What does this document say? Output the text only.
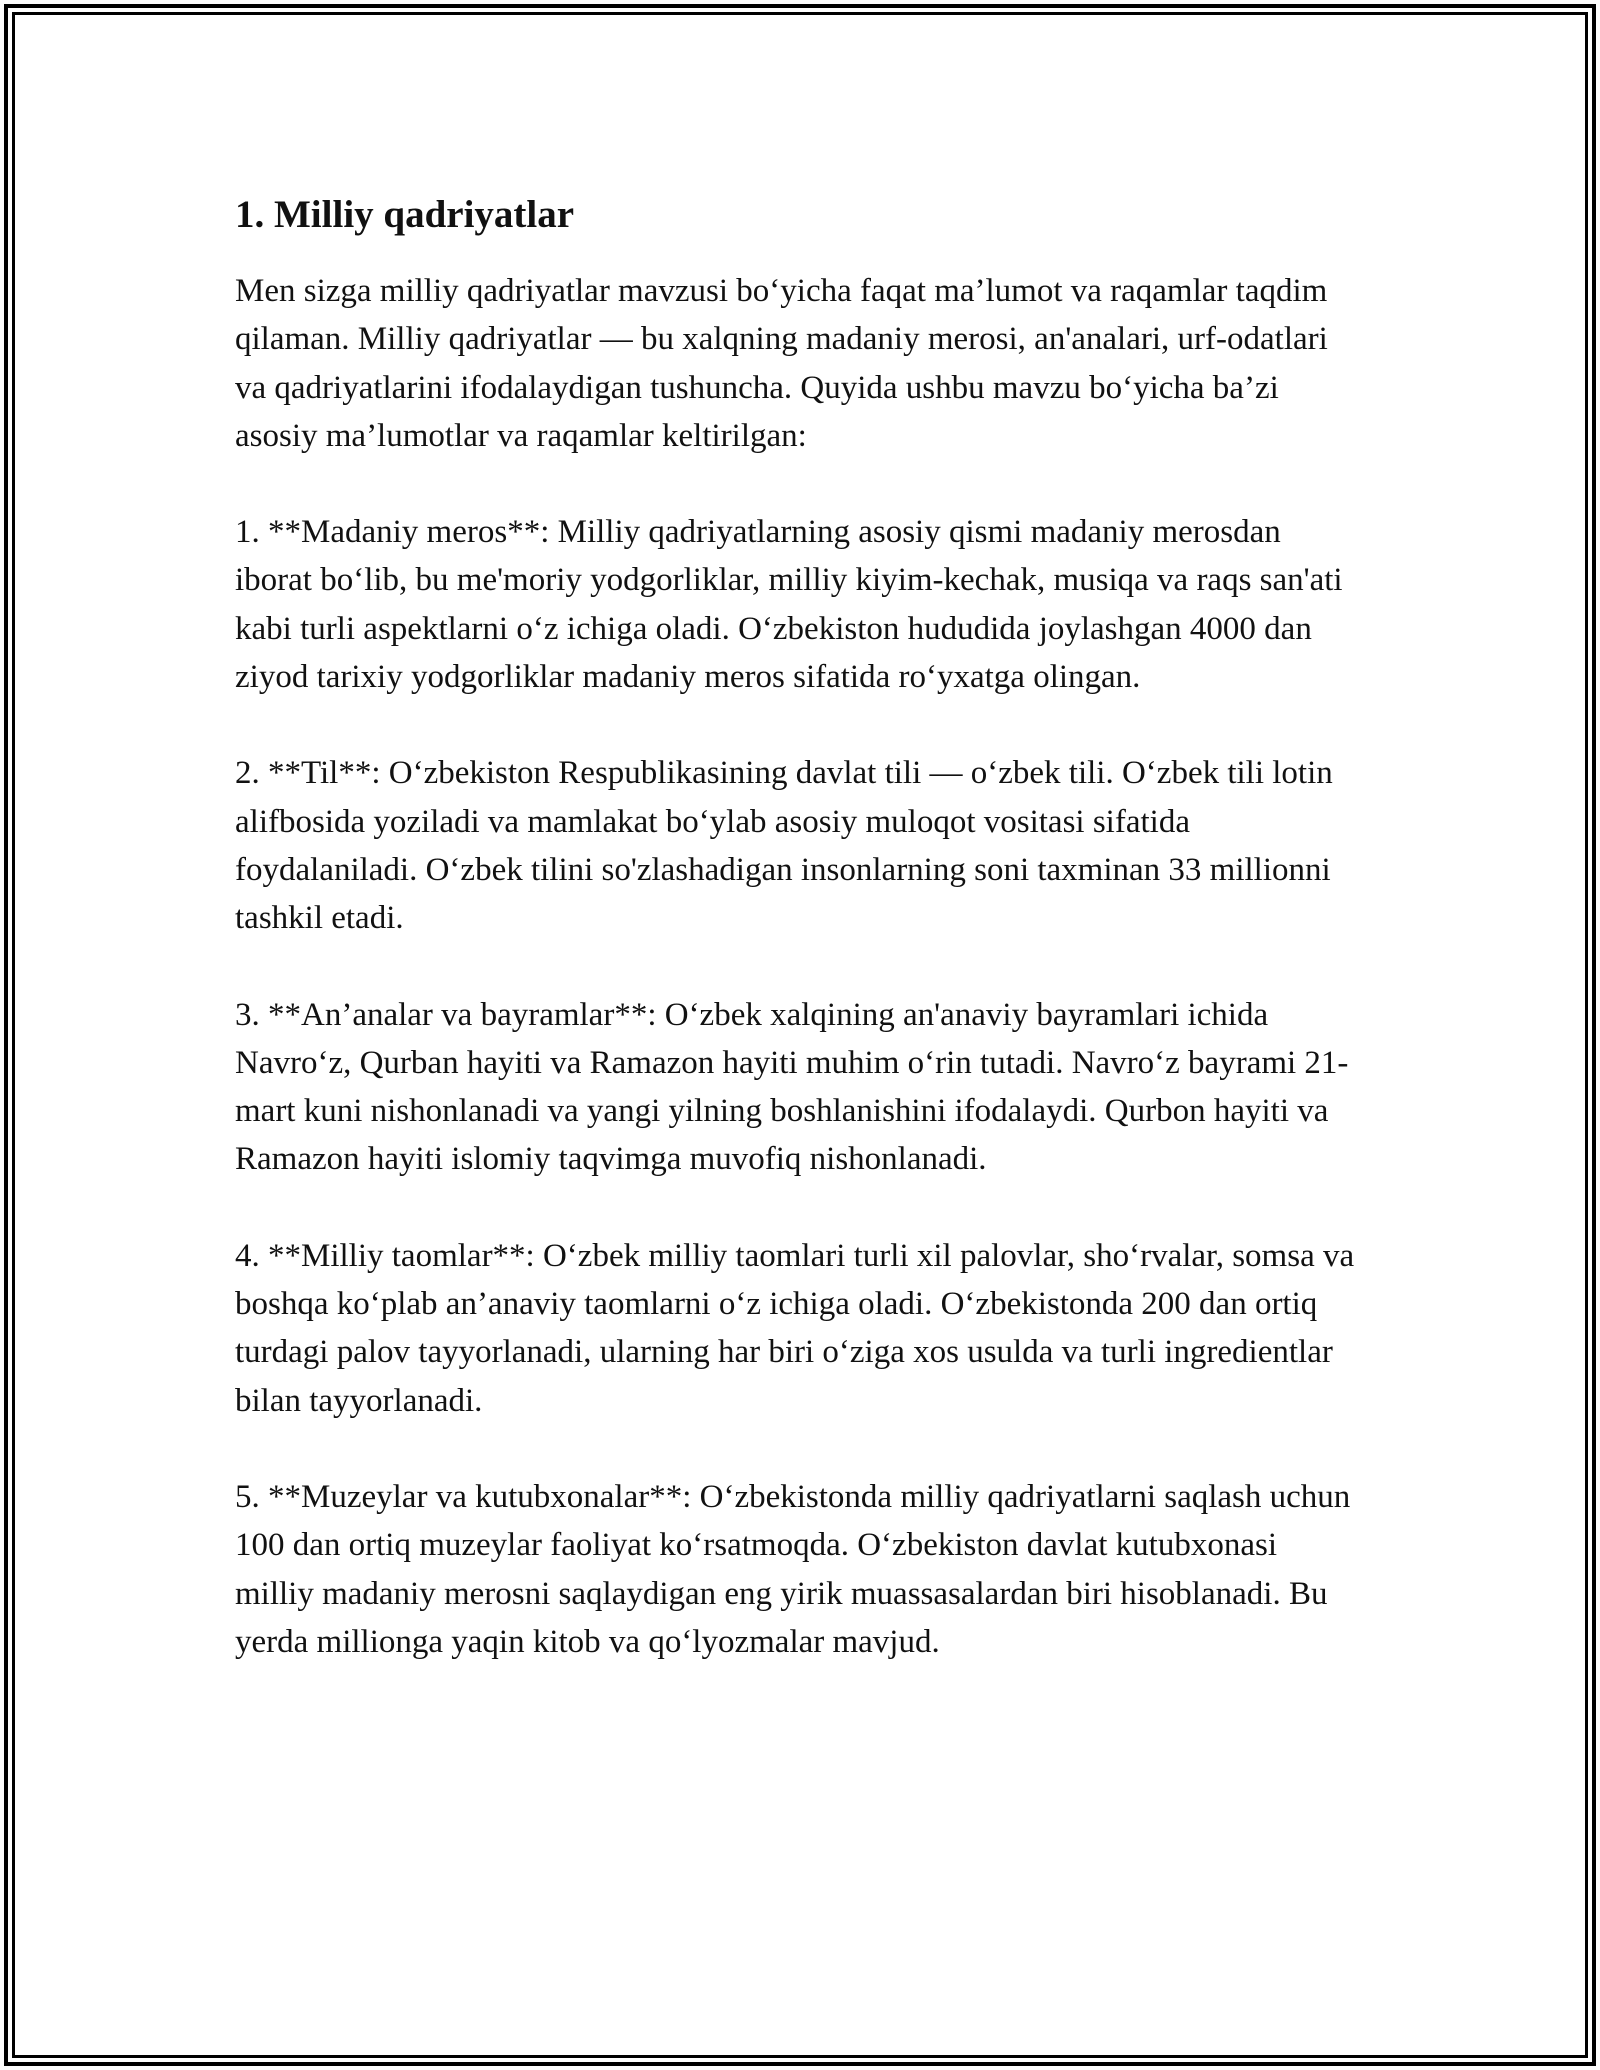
1. Milliy qadriyatlar

Men sizga milliy qadriyatlar mavzusi bo‘yicha faqat ma’lumot va raqamlar taqdim qilaman. Milliy qadriyatlar — bu xalqning madaniy merosi, an'analari, urf-odatlari va qadriyatlarini ifodalaydigan tushuncha. Quyida ushbu mavzu bo‘yicha ba’zi asosiy ma’lumotlar va raqamlar keltirilgan:

1. **Madaniy meros**: Milliy qadriyatlarning asosiy qismi madaniy merosdan iborat bo‘lib, bu me'moriy yodgorliklar, milliy kiyim-kechak, musiqa va raqs san'ati kabi turli aspektlarni o‘z ichiga oladi. O‘zbekiston hududida joylashgan 4000 dan ziyod tarixiy yodgorliklar madaniy meros sifatida ro‘yxatga olingan.

2. **Til**: O‘zbekiston Respublikasining davlat tili — o‘zbek tili. O‘zbek tili lotin alifbosida yoziladi va mamlakat bo‘ylab asosiy muloqot vositasi sifatida foydalaniladi. O‘zbek tilini so'zlashadigan insonlarning soni taxminan 33 millionni tashkil etadi.

3. **An’analar va bayramlar**: O‘zbek xalqining an'anaviy bayramlari ichida Navro‘z, Qurban hayiti va Ramazon hayiti muhim o‘rin tutadi. Navro‘z bayrami 21-mart kuni nishonlanadi va yangi yilning boshlanishini ifodalaydi. Qurbon hayiti va Ramazon hayiti islomiy taqvimga muvofiq nishonlanadi.

4. **Milliy taomlar**: O‘zbek milliy taomlari turli xil palovlar, sho‘rvalar, somsa va boshqa ko‘plab an’anaviy taomlarni o‘z ichiga oladi. O‘zbekistonda 200 dan ortiq turdagi palov tayyorlanadi, ularning har biri o‘ziga xos usulda va turli ingredientlar bilan tayyorlanadi.

5. **Muzeylar va kutubxonalar**: O‘zbekistonda milliy qadriyatlarni saqlash uchun 100 dan ortiq muzeylar faoliyat ko‘rsatmoqda. O‘zbekiston davlat kutubxonasi milliy madaniy merosni saqlaydigan eng yirik muassasalardan biri hisoblanadi. Bu yerda millionga yaqin kitob va qo‘lyozmalar mavjud.
